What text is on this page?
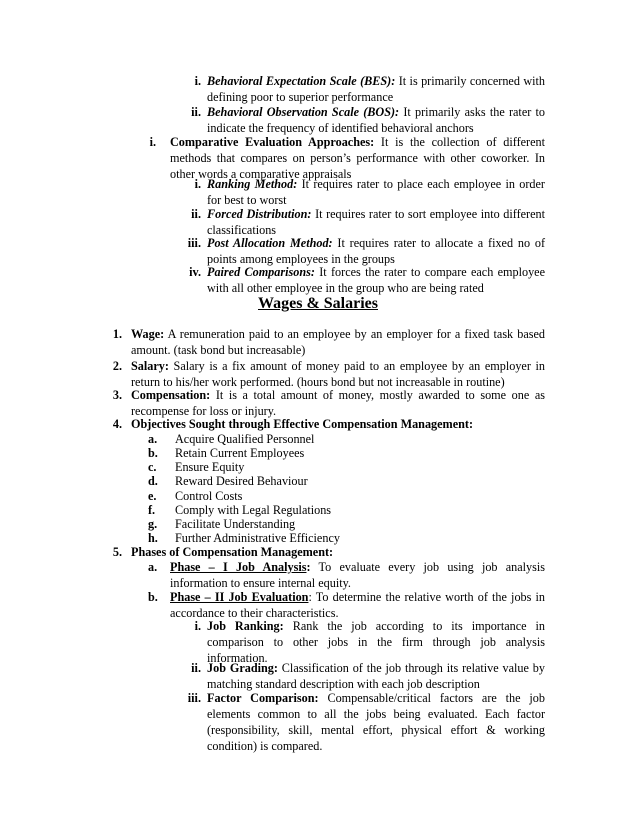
i. Behavioral Expectation Scale (BES): It is primarily concerned with defining poor to superior performance
ii. Behavioral Observation Scale (BOS): It primarily asks the rater to indicate the frequency of identified behavioral anchors
i. Comparative Evaluation Approaches: It is the collection of different methods that compares on person’s performance with other coworker. In other words a comparative appraisals
i. Ranking Method: It requires rater to place each employee in order for best to worst
ii. Forced Distribution: It requires rater to sort employee into different classifications
iii. Post Allocation Method: It requires rater to allocate a fixed no of points among employees in the groups
iv. Paired Comparisons: It forces the rater to compare each employee with all other employee in the group who are being rated
Wages & Salaries
1. Wage: A remuneration paid to an employee by an employer for a fixed task based amount. (task bond but increasable)
2. Salary: Salary is a fix amount of money paid to an employee by an employer in return to his/her work performed. (hours bond but not increasable in routine)
3. Compensation: It is a total amount of money, mostly awarded to some one as recompense for loss or injury.
4. Objectives Sought through Effective Compensation Management:
a.	Acquire Qualified Personnel
b.	Retain Current Employees
c.	Ensure Equity
d.	Reward Desired Behaviour
e.	Control Costs
f.	Comply with Legal Regulations
g.	Facilitate Understanding
h.	Further Administrative Efficiency
5. Phases of Compensation Management:
a.	Phase – I Job Analysis: To evaluate every job using job analysis information to ensure internal equity.
b. Phase – II Job Evaluation: To determine the relative worth of the jobs in accordance to their characteristics.
i. Job Ranking: Rank the job according to its importance in comparison to other jobs in the firm through job analysis information.
ii. Job Grading: Classification of the job through its relative value by matching standard description with each job description
iii. Factor Comparison: Compensable/critical factors are the job elements common to all the jobs being evaluated. Each factor (responsibility, skill, mental effort, physical effort & working condition) is compared.
